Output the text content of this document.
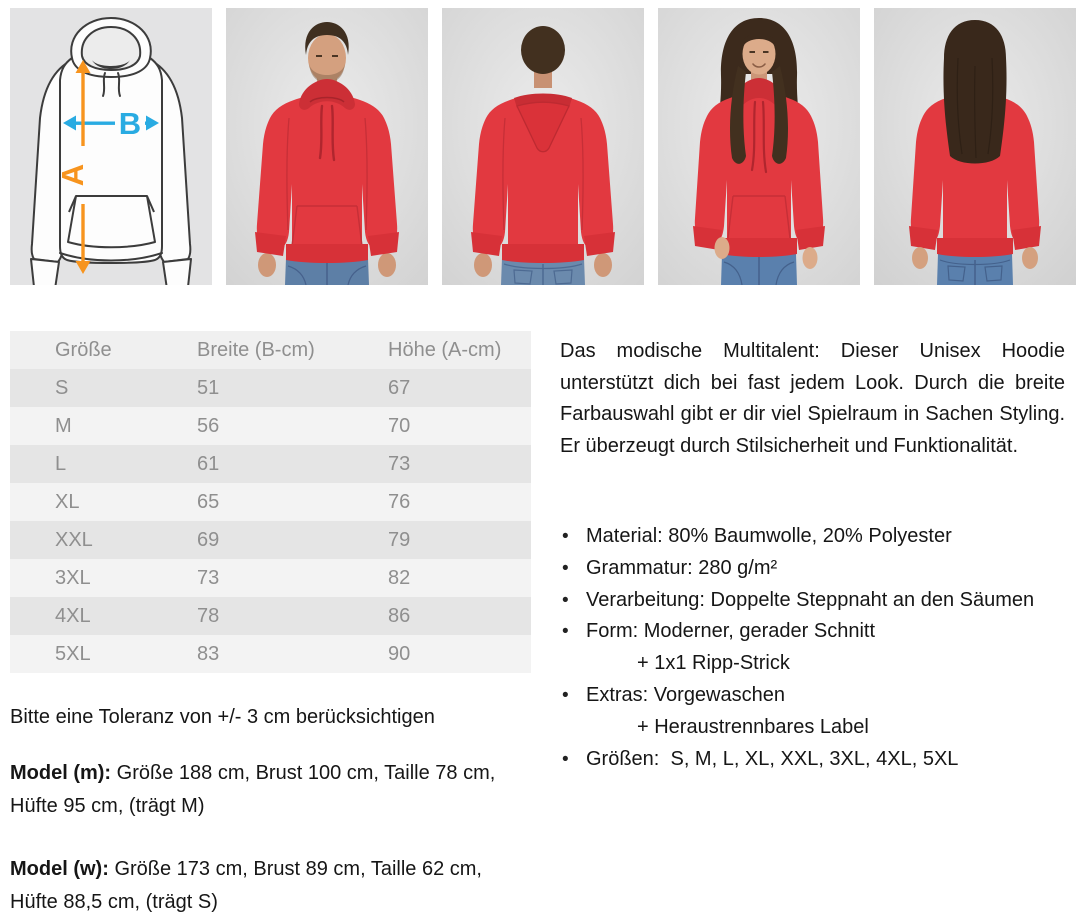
B
A
Größe	Breite (B-cm)	Höhe (A-cm)
S	51	67
M	56	70
L	61	73
XL	65	76
XXL	69	79
3XL	73	82
4XL	78	86
5XL	83	90
Bitte eine Toleranz von +/- 3 cm berücksichtigen
Model (m): Größe 188 cm, Brust 100 cm, Taille 78 cm, Hüfte 95 cm, (trägt M)
Model (w): Größe 173 cm, Brust 89 cm, Taille 62 cm, Hüfte 88,5 cm, (trägt S)
Das modische Multitalent: Dieser Unisex Hoodie unterstützt dich bei fast jedem Look. Durch die breite Farbauswahl gibt er dir viel Spielraum in Sachen Styling. Er überzeugt durch Stilsicherheit und Funktionalität.
• Material: 80% Baumwolle, 20% Polyester
• Grammatur: 280 g/m²
• Verarbeitung: Doppelte Steppnaht an den Säumen
• Form: Moderner, gerader Schnitt
+ 1x1 Ripp-Strick
• Extras: Vorgewaschen
+ Heraustrennbares Label
• Größen:  S, M, L, XL, XXL, 3XL, 4XL, 5XL
